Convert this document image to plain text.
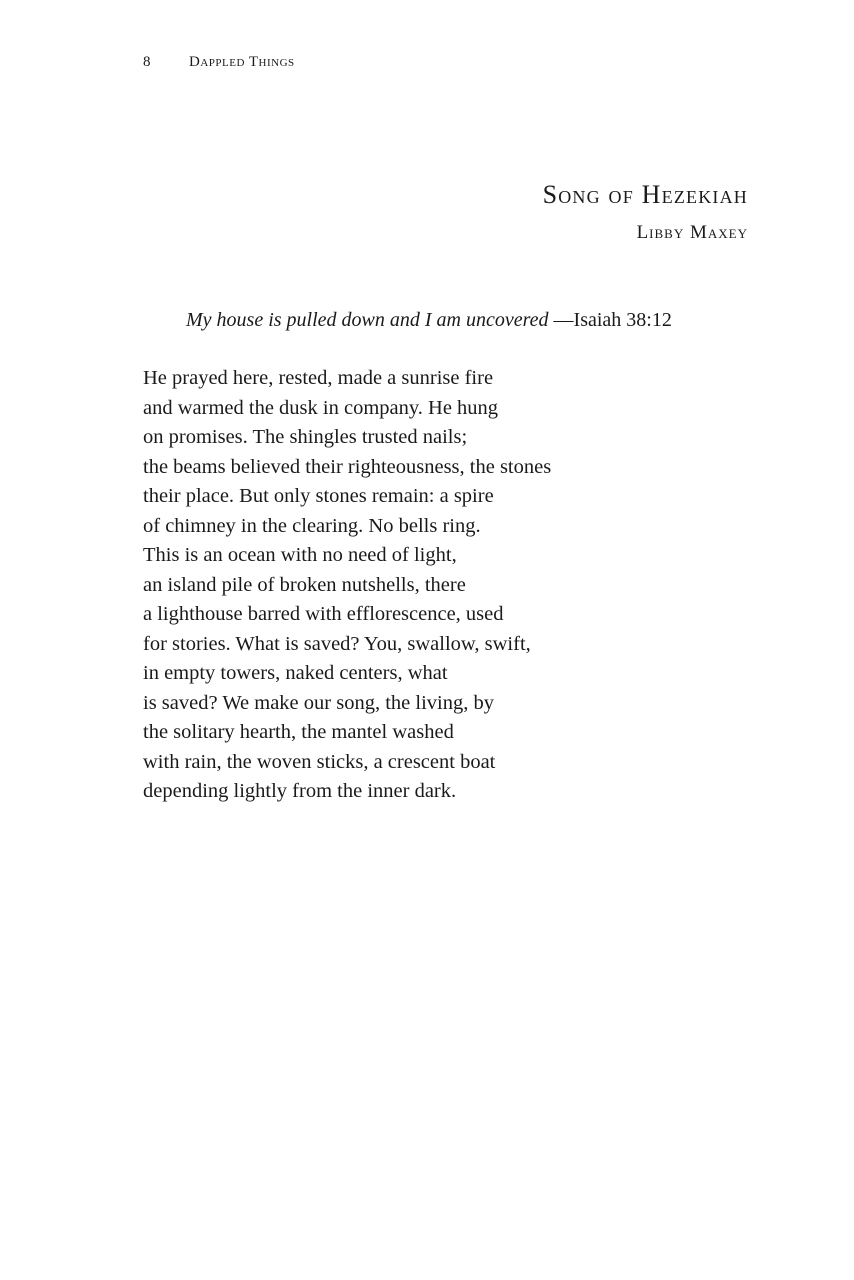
8	Dappled Things
Song of Hezekiah
Libby Maxey
My house is pulled down and I am uncovered —Isaiah 38:12
He prayed here, rested, made a sunrise fire
and warmed the dusk in company. He hung
on promises. The shingles trusted nails;
the beams believed their righteousness, the stones
their place. But only stones remain: a spire
of chimney in the clearing. No bells ring.
This is an ocean with no need of light,
an island pile of broken nutshells, there
a lighthouse barred with efflorescence, used
for stories. What is saved? You, swallow, swift,
in empty towers, naked centers, what
is saved? We make our song, the living, by
the solitary hearth, the mantel washed
with rain, the woven sticks, a crescent boat
depending lightly from the inner dark.
